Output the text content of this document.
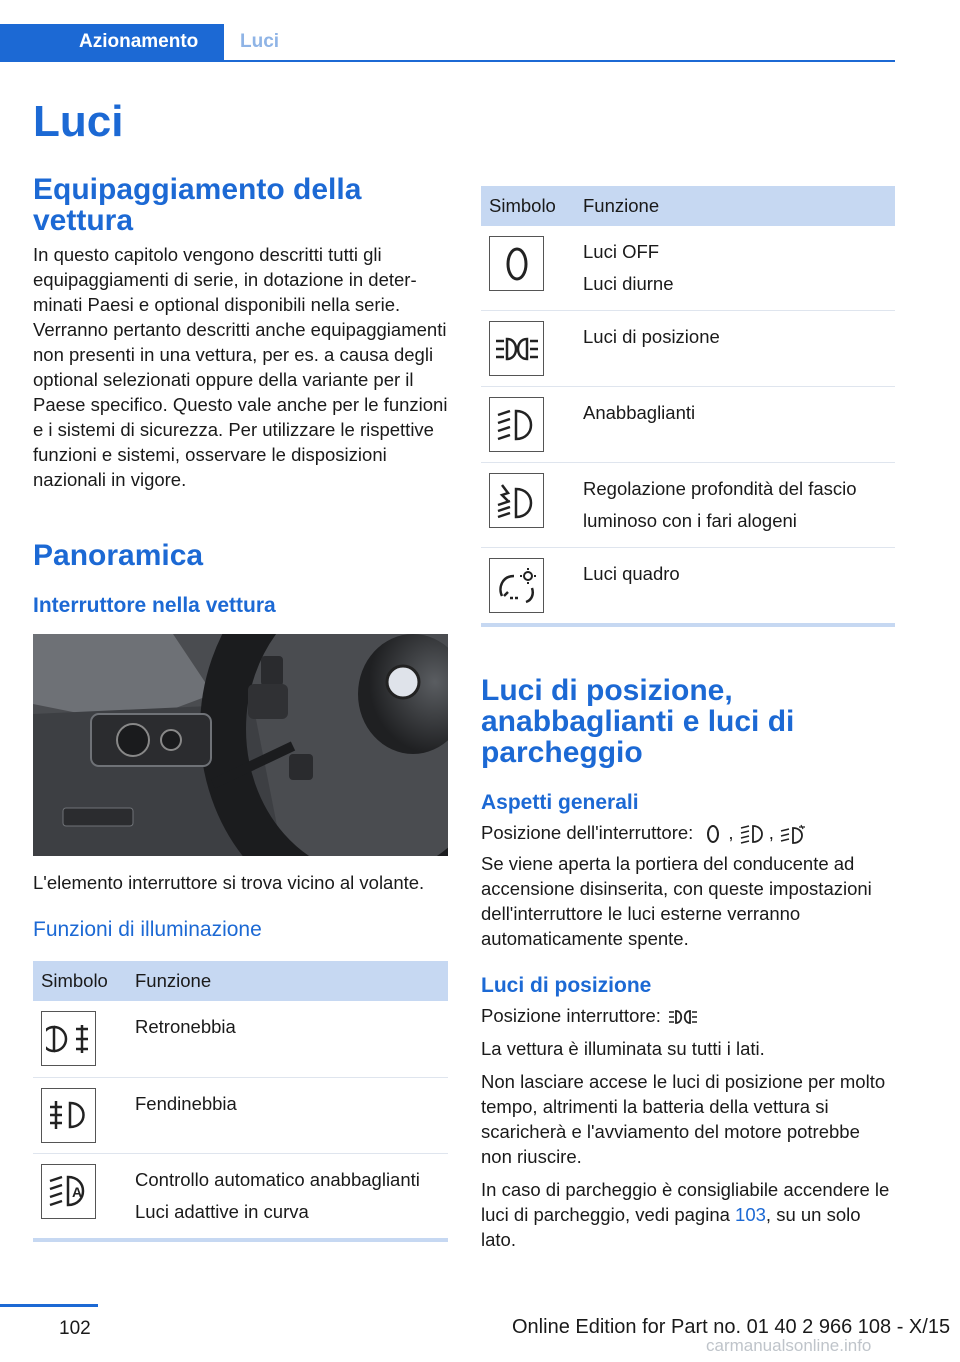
Azionamento	Luci
Luci
Equipaggiamento della vettura

In questo capitolo vengono descritti tutti gli equipaggiamenti di serie, in dotazione in determinati Paesi e optional disponibili nella serie. Verranno pertanto descritti anche equipaggiamenti non presenti in una vettura, per es. a causa degli optional selezionati oppure della variante per il Paese specifico. Questo vale anche per le funzioni e i sistemi di sicurezza. Per utilizzare le rispettive funzioni e sistemi, osservare le disposizioni nazionali in vigore.

Panoramica
Interruttore nella vettura

L'elemento interruttore si trova vicino al volante.

Funzioni di illuminazione
Simbolo	Funzione

Retronebbia

Fendinebbia

A	Controllo automatico anabbaglianti
Luci adattive in curva
Simbolo	Funzione

Luci OFF
Luci diurne

Luci di posizione

Anabbaglianti

Regolazione profondità del fascio luminoso con i fari alogeni

Luci quadro
Luci di posizione, anabbaglianti e luci di parcheggio
Aspetti generali

Posizione dell'interruttore: , ,

Se viene aperta la portiera del conducente ad accensione disinserita, con queste impostazioni dell'interruttore le luci esterne verranno automaticamente spente.

Luci di posizione

Posizione interruttore:

La vettura è illuminata su tutti i lati.

Non lasciare accese le luci di posizione per molto tempo, altrimenti la batteria della vettura si scaricherà e l'avviamento del motore potrebbe non riuscire.

In caso di parcheggio è consigliabile accendere le luci di parcheggio, vedi pagina 103, su un solo lato.

102	Online Edition for Part no. 01 40 2 966 108 - X/15
carmanualsonline.info
